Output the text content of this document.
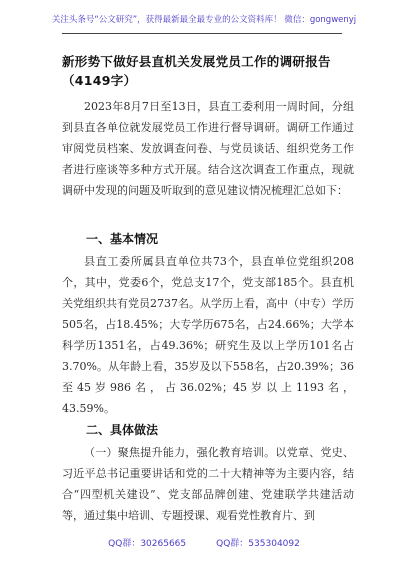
关注头条号“公文研究”，获得最新最全最专业的公文资料库！ 微信：gongwenyj
新形势下做好县直机关发展党员工作的调研报告（4149字）

2023年8月7日至13日，县直工委利用一周时间，分组到县直各单位就发展党员工作进行督导调研。调研工作通过审阅党员档案、发放调查问卷、与党员谈话、组织党务工作者进行座谈等多种方式开展。结合这次调查工作重点，现就调研中发现的问题及听取到的意见建议情况梳理汇总如下：

一、基本情况

县直工委所属县直单位共73个，县直单位党组织208个，其中，党委6个，党总支17个，党支部185个。县直机关党组织共有党员2737名。从学历上看，高中（中专）学历505名，占18.45%；大专学历675名，占24.66%；大学本科学历1351名，占49.36%；研究生及以上学历101名占3.70%。从年龄上看，35岁及以下558名，占20.39%；36至45岁986名，占36.02%；45岁以上1193名，43.59%。

二、具体做法

（一）聚焦提升能力，强化教育培训。以党章、党史、习近平总书记重要讲话和党的二十大精神等为主要内容，结合“四型机关建设”、党支部品牌创建、党建联学共建活动等，通过集中培训、专题授课、观看党性教育片、到

QQ群：30265665	QQ群：535304092
